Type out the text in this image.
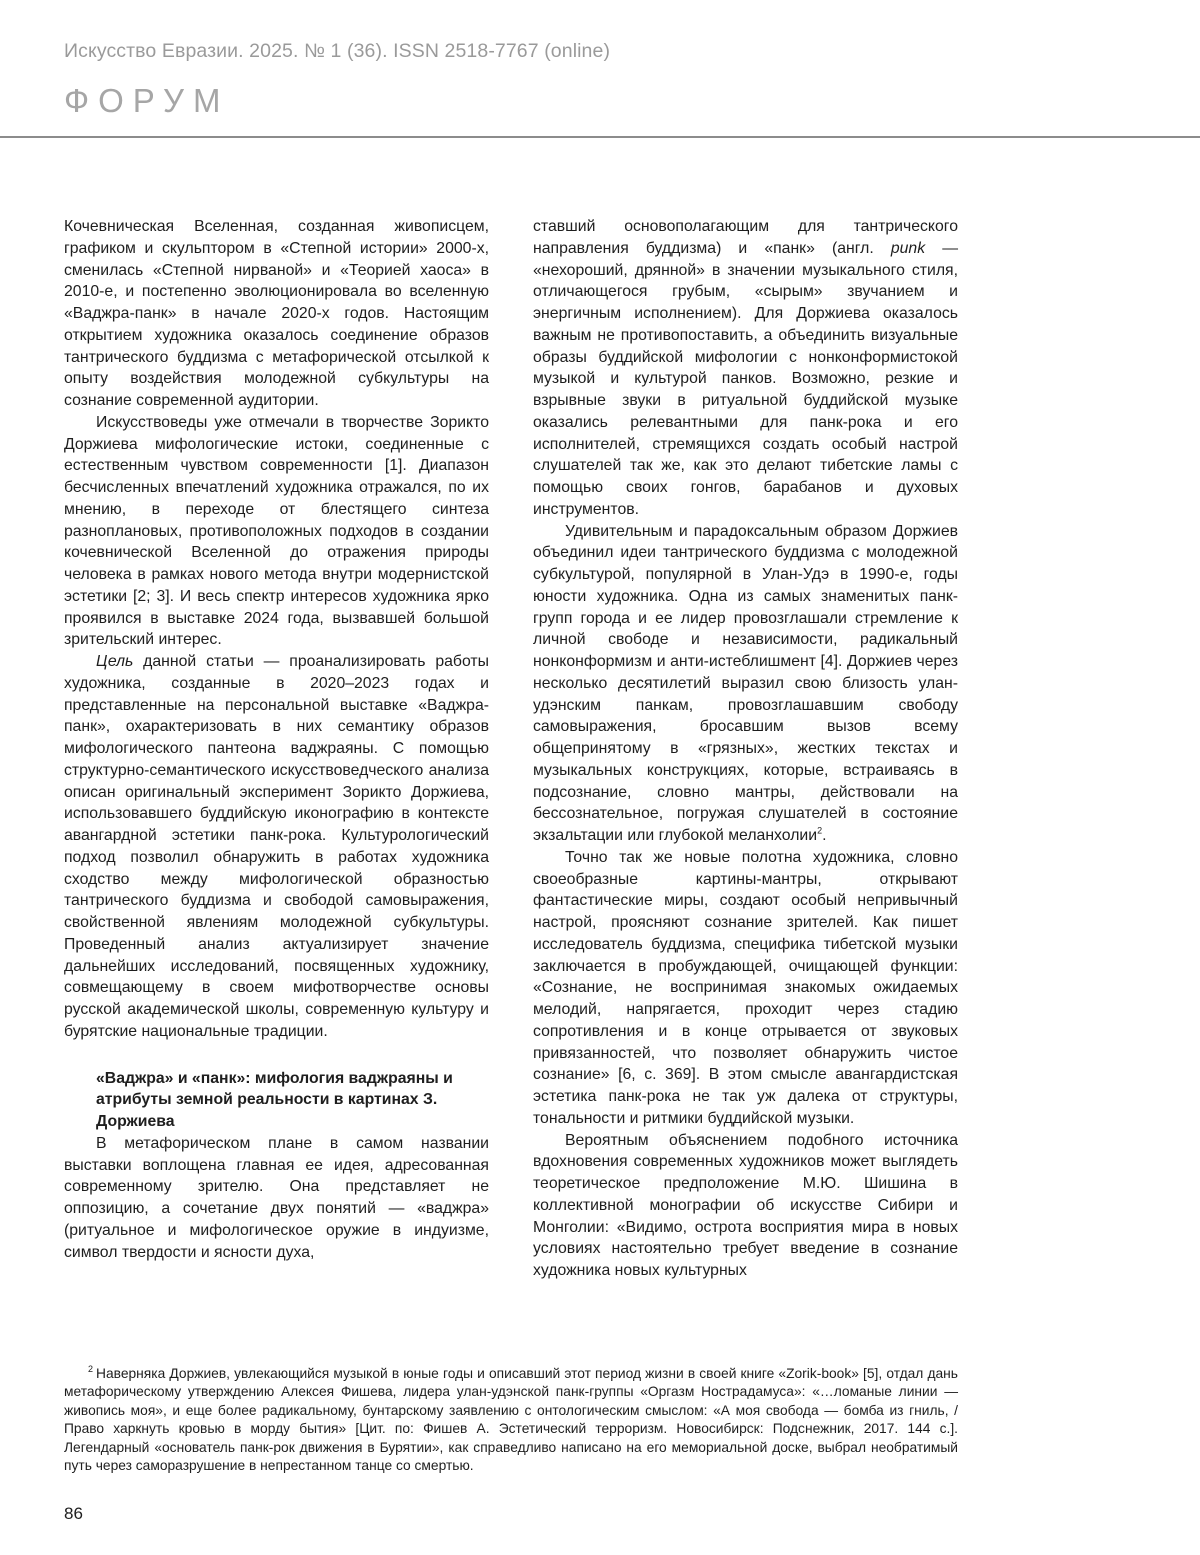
Искусство Евразии. 2025. № 1 (36). ISSN 2518-7767 (online)
ФОРУМ

Кочевническая Вселенная, созданная живописцем, графиком и скульптором в «Степной истории» 2000-х, сменилась «Степной нирваной» и «Теорией хаоса» в 2010-е, и постепенно эволюционировала во вселенную «Ваджра-панк» в начале 2020-х годов. Настоящим открытием художника оказалось соединение образов тантрического буддизма с метафорической отсылкой к опыту воздействия молодежной субкультуры на сознание современной аудитории.

Искусствоведы уже отмечали в творчестве Зорикто Доржиева мифологические истоки, соединенные с естественным чувством современности [1]. Диапазон бесчисленных впечатлений художника отражался, по их мнению, в переходе от блестящего синтеза разноплановых, противоположных подходов в создании кочевнической Вселенной до отражения природы человека в рамках нового метода внутри модернистской эстетики [2; 3]. И весь спектр интересов художника ярко проявился в выставке 2024 года, вызвавшей большой зрительский интерес.

Цель данной статьи — проанализировать работы художника, созданные в 2020–2023 годах и представленные на персональной выставке «Ваджра-панк», охарактеризовать в них семантику образов мифологического пантеона ваджраяны. С помощью структурно-семантического искусствоведческого анализа описан оригинальный эксперимент Зорикто Доржиева, использовавшего буддийскую иконографию в контексте авангардной эстетики панк-рока. Культурологический подход позволил обнаружить в работах художника сходство между мифологической образностью тантрического буддизма и свободой самовыражения, свойственной явлениям молодежной субкультуры. Проведенный анализ актуализирует значение дальнейших исследований, посвященных художнику, совмещающему в своем мифотворчестве основы русской академической школы, современную культуру и бурятские национальные традиции.

«Ваджра» и «панк»: мифология ваджраяны и атрибуты земной реальности в картинах З. Доржиева

В метафорическом плане в самом названии выставки воплощена главная ее идея, адресованная современному зрителю. Она представляет не оппозицию, а сочетание двух понятий — «ваджра» (ритуальное и мифологическое оружие в индуизме, символ твердости и ясности духа,

ставший основополагающим для тантрического направления буддизма) и «панк» (англ. punk — «нехороший, дрянной» в значении музыкального стиля, отличающегося грубым, «сырым» звучанием и энергичным исполнением). Для Доржиева оказалось важным не противопоставить, а объединить визуальные образы буддийской мифологии с нонконформистокой музыкой и культурой панков. Возможно, резкие и взрывные звуки в ритуальной буддийской музыке оказались релевантными для панк-рока и его исполнителей, стремящихся создать особый настрой слушателей так же, как это делают тибетские ламы с помощью своих гонгов, барабанов и духовых инструментов.

Удивительным и парадоксальным образом Доржиев объединил идеи тантрического буддизма с молодежной субкультурой, популярной в Улан-Удэ в 1990-е, годы юности художника. Одна из самых знаменитых панк-групп города и ее лидер провозглашали стремление к личной свободе и независимости, радикальный нонконформизм и анти-истеблишмент [4]. Доржиев через несколько десятилетий выразил свою близость улан-удэнским панкам, провозглашавшим свободу самовыражения, бросавшим вызов всему общепринятому в «грязных», жестких текстах и музыкальных конструкциях, которые, встраиваясь в подсознание, словно мантры, действовали на бессознательное, погружая слушателей в состояние экзальтации или глубокой меланхолии$^2$.

Точно так же новые полотна художника, словно своеобразные картины-мантры, открывают фантастические миры, создают особый непривычный настрой, проясняют сознание зрителей. Как пишет исследователь буддизма, специфика тибетской музыки заключается в пробуждающей, очищающей функции: «Сознание, не воспринимая знакомых ожидаемых мелодий, напрягается, проходит через стадию сопротивления и в конце отрывается от звуковых привязанностей, что позволяет обнаружить чистое сознание» [6, с. 369]. В этом смысле авангардистская эстетика панк-рока не так уж далека от структуры, тональности и ритмики буддийской музыки.

Вероятным объяснением подобного источника вдохновения современных художников может выглядеть теоретическое предположение М.Ю. Шишина в коллективной монографии об искусстве Сибири и Монголии: «Видимо, острота восприятия мира в новых условиях настоятельно требует введение в сознание художника новых культурных

$^2$ Наверняка Доржиев, увлекающийся музыкой в юные годы и описавший этот период жизни в своей книге «Zorik-book» [5], отдал дань метафорическому утверждению Алексея Фишева, лидера улан-удэнской панк-группы «Оргазм Нострадамуса»: «…ломаные линии — живопись моя», и еще более радикальному, бунтарскому заявлению с онтологическим смыслом: «А моя свобода — бомба из гниль, / Право харкнуть кровью в морду бытия» [Цит. по: Фишев А. Эстетический терроризм. Новосибирск: Подснежник, 2017. 144 с.]. Легендарный «основатель панк-рок движения в Бурятии», как справедливо написано на его мемориальной доске, выбрал необратимый путь через саморазрушение в непрестанном танце со смертью.
86
